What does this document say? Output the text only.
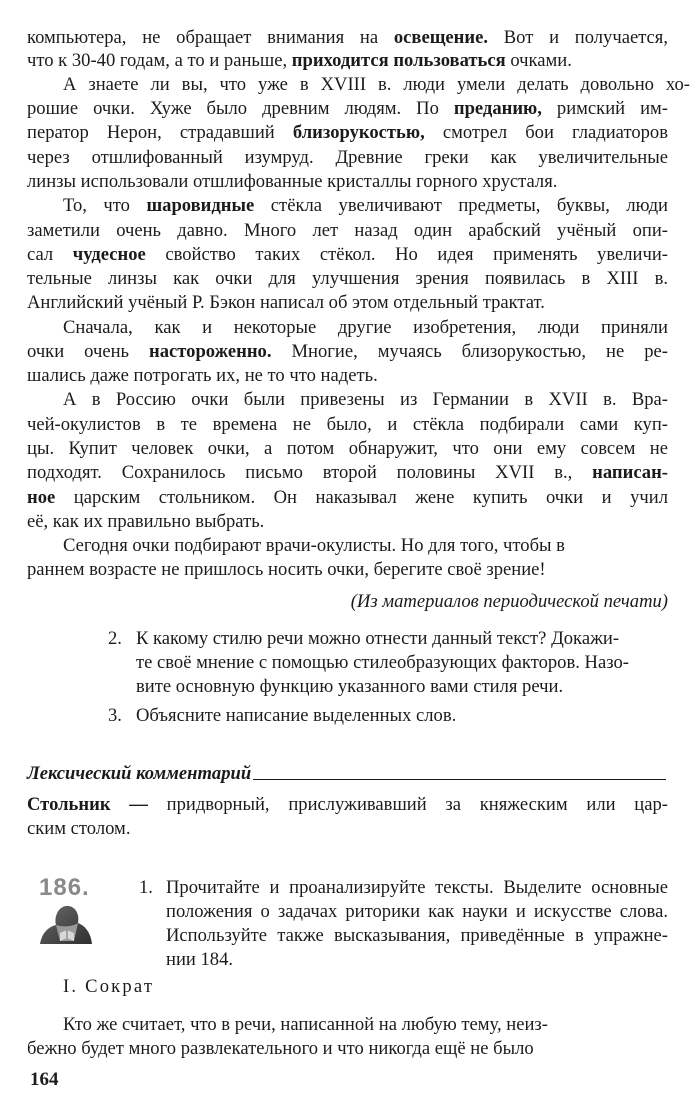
компьютера, не обращает внимания на освещение. Вот и получается,
что к 30-40 годам, а то и раньше, приходится пользоваться очками.
А знаете ли вы, что уже в XVIII в. люди умели делать довольно хо-
рошие очки. Хуже было древним людям. По преданию, римский им-
ператор Нерон, страдавший близорукостью, смотрел бои гладиаторов
через отшлифованный изумруд. Древние греки как увеличительные
линзы использовали отшлифованные кристаллы горного хрусталя.
То, что шаровидные стёкла увеличивают предметы, буквы, люди
заметили очень давно. Много лет назад один арабский учёный опи-
сал чудесное свойство таких стёкол. Но идея применять увеличи-
тельные линзы как очки для улучшения зрения появилась в XIII в.
Английский учёный Р. Бэкон написал об этом отдельный трактат.
Сначала, как и некоторые другие изобретения, люди приняли
очки очень настороженно. Многие, мучаясь близорукостью, не ре-
шались даже потрогать их, не то что надеть.
А в Россию очки были привезены из Германии в XVII в. Вра-
чей-окулистов в те времена не было, и стёкла подбирали сами куп-
цы. Купит человек очки, а потом обнаружит, что они ему совсем не
подходят. Сохранилось письмо второй половины XVII в., написан-
ное царским стольником. Он наказывал жене купить очки и учил
её, как их правильно выбрать.
Сегодня очки подбирают врачи-окулисты. Но для того, чтобы в
раннем возрасте не пришлось носить очки, берегите своё зрение!
(Из материалов периодической печати)
2. К какому стилю речи можно отнести данный текст? Докажи-
те своё мнение с помощью стилеобразующих факторов. Назо-
вите основную функцию указанного вами стиля речи.
3. Объясните написание выделенных слов.
Лексический комментарий
Стольник — придворный, прислуживавший за княжеским или цар-
ским столом.
186.	1. Прочитайте и проанализируйте тексты. Выделите основные
положения о задачах риторики как науки и искусстве слова.
Используйте также высказывания, приведённые в упражне-
нии 184.
I. Сократ
Кто же считает, что в речи, написанной на любую тему, неиз-
бежно будет много развлекательного и что никогда ещё не было
164
